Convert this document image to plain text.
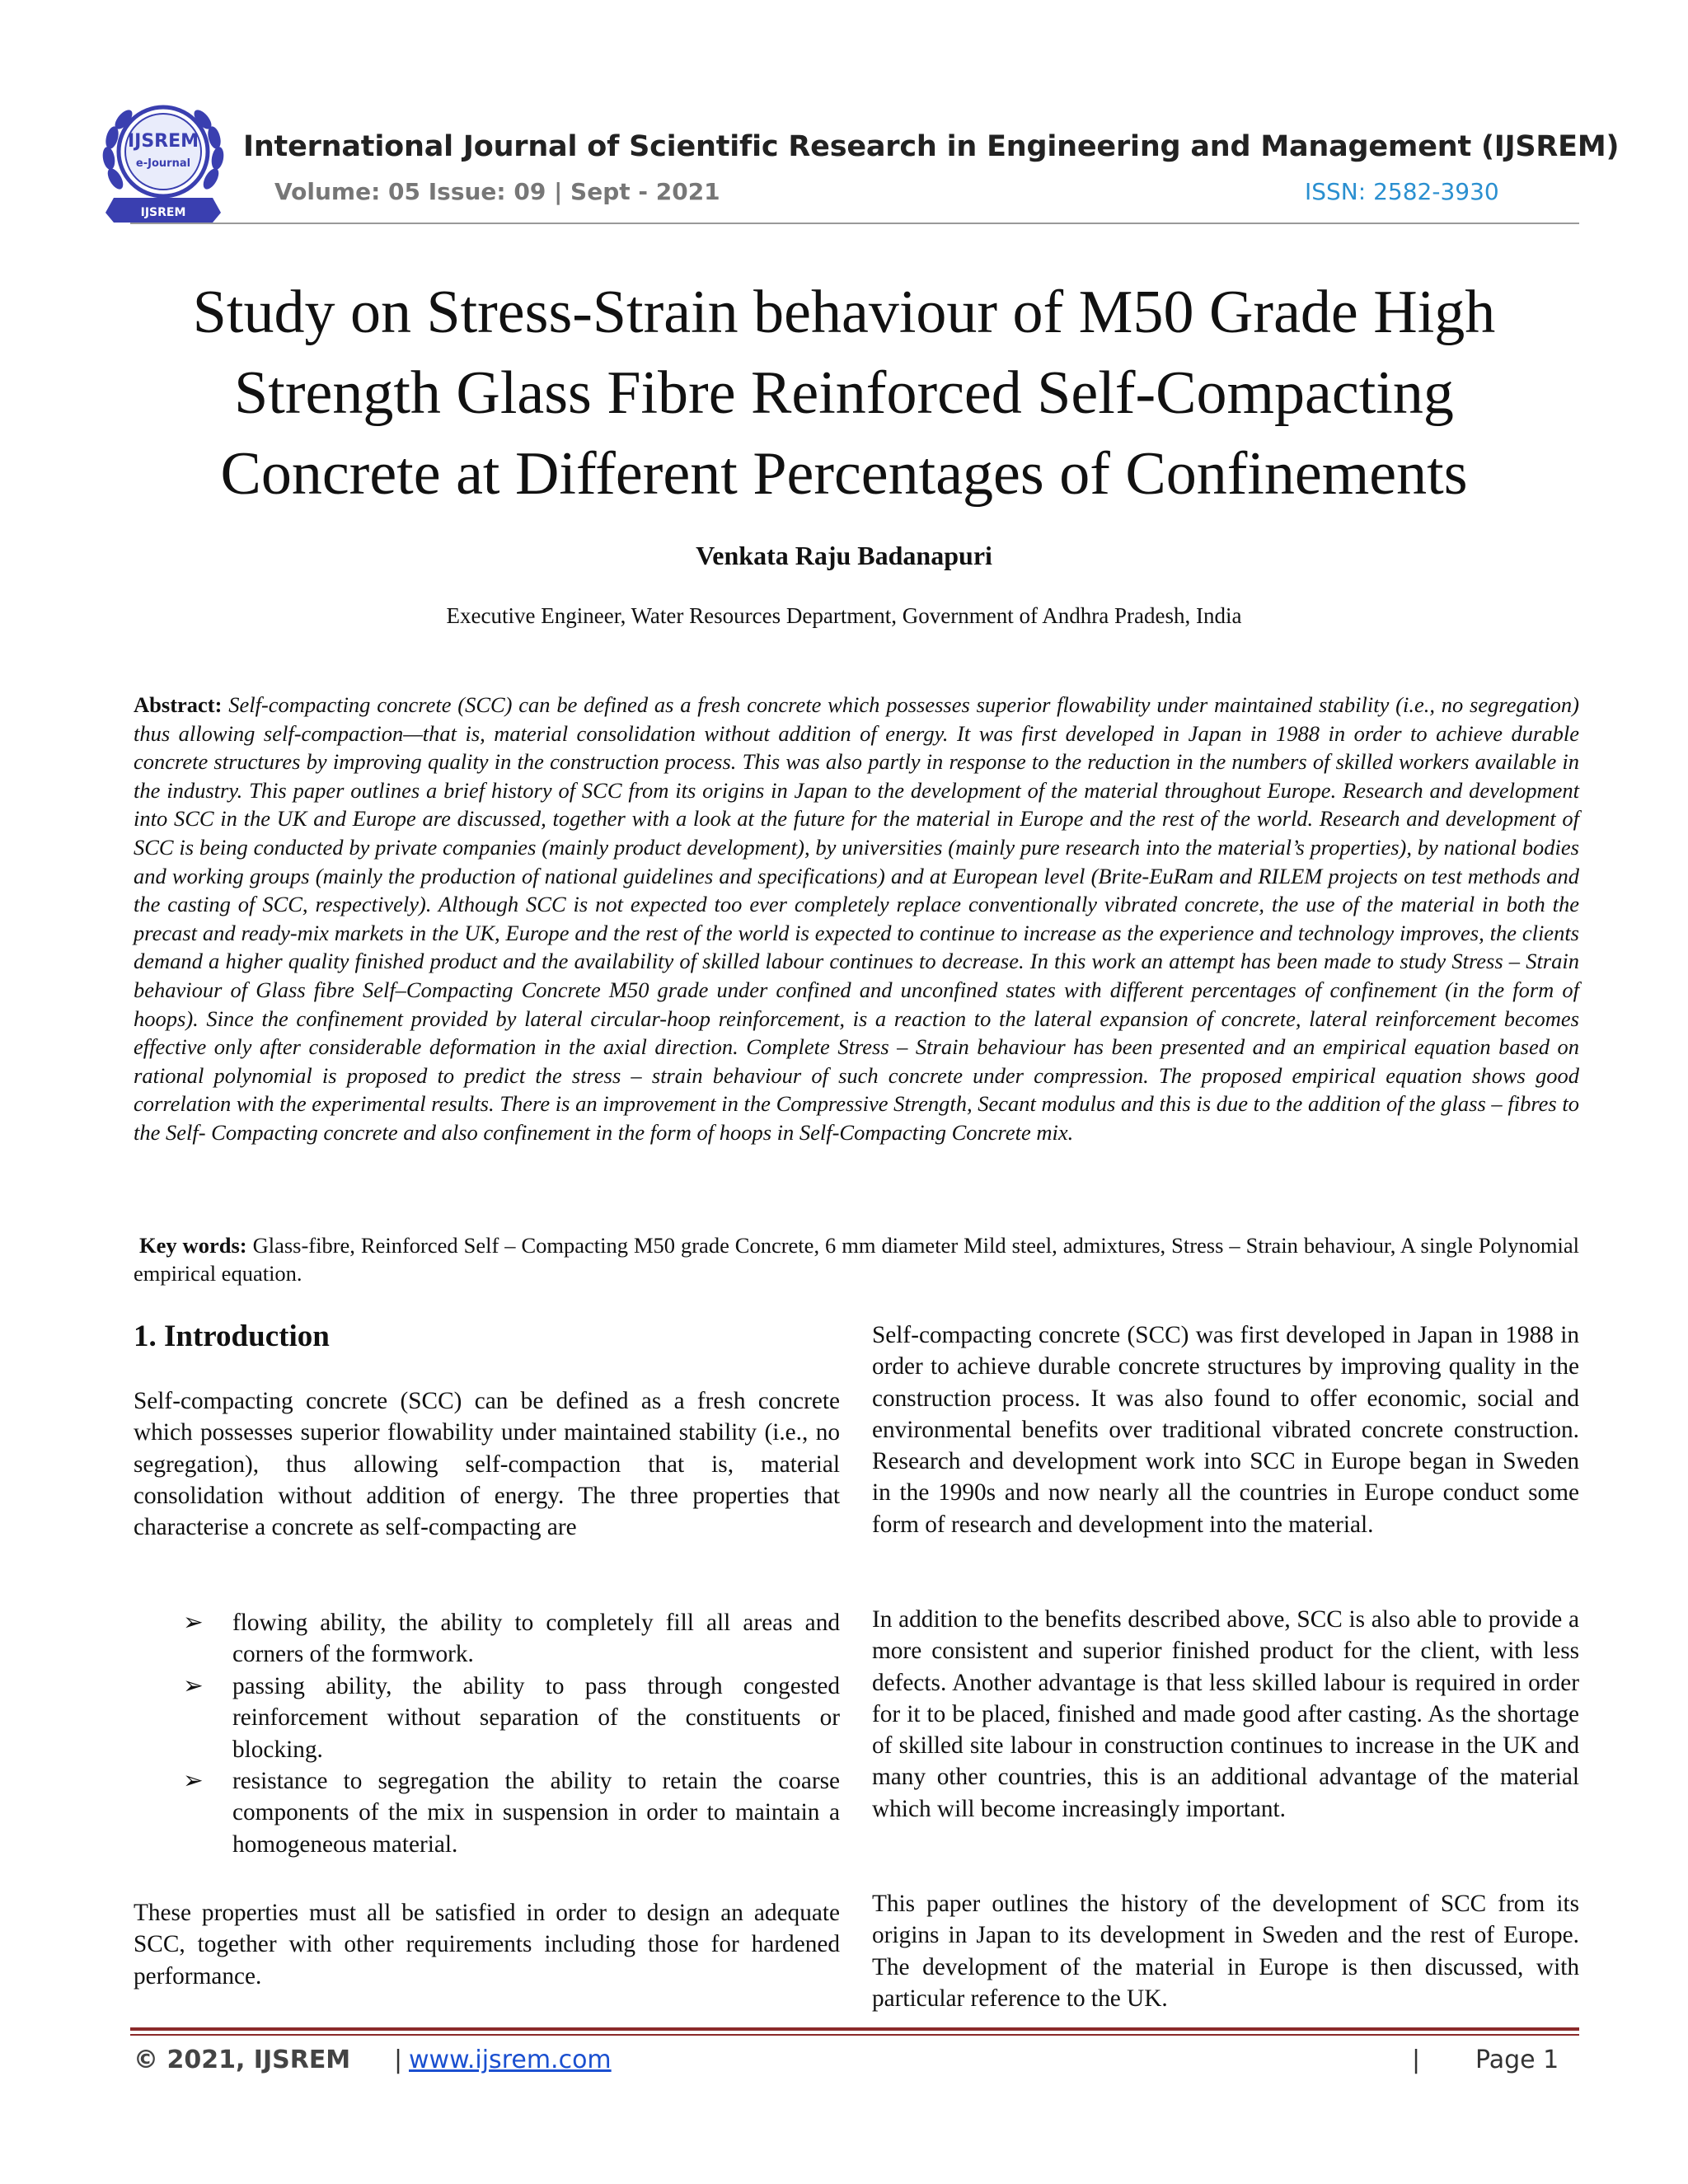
IJSREM
e-Journal
IJSREM
International Journal of Scientific Research in Engineering and Management (IJSREM)
Volume: 05 Issue: 09 | Sept - 2021	ISSN: 2582-3930
Study on Stress-Strain behaviour of M50 Grade High
Strength Glass Fibre Reinforced Self-Compacting
Concrete at Different Percentages of Confinements
Venkata Raju Badanapuri
Executive Engineer, Water Resources Department, Government of Andhra Pradesh, India
Abstract: Self-compacting concrete (SCC) can be defined as a fresh concrete which possesses superior flowability under maintained stability (i.e., no segregation) thus allowing self-compaction—that is, material consolidation without addition of energy. It was first developed in Japan in 1988 in order to achieve durable concrete structures by improving quality in the construction process. This was also partly in response to the reduction in the numbers of skilled workers available in the industry. This paper outlines a brief history of SCC from its origins in Japan to the development of the material throughout Europe. Research and development into SCC in the UK and Europe are discussed, together with a look at the future for the material in Europe and the rest of the world. Research and development of SCC is being conducted by private companies (mainly product development), by universities (mainly pure research into the material’s properties), by national bodies and working groups (mainly the production of national guidelines and specifications) and at European level (Brite-EuRam and RILEM projects on test methods and the casting of SCC, respectively). Although SCC is not expected too ever completely replace conventionally vibrated concrete, the use of the material in both the precast and ready-mix markets in the UK, Europe and the rest of the world is expected to continue to increase as the experience and technology improves, the clients demand a higher quality finished product and the availability of skilled labour continues to decrease. In this work an attempt has been made to study Stress – Strain behaviour of Glass fibre Self–Compacting Concrete M50 grade under confined and unconfined states with different percentages of confinement (in the form of hoops). Since the confinement provided by lateral circular-hoop reinforcement, is a reaction to the lateral expansion of concrete, lateral reinforcement becomes effective only after considerable deformation in the axial direction. Complete Stress – Strain behaviour has been presented and an empirical equation based on rational polynomial is proposed to predict the stress – strain behaviour of such concrete under compression. The proposed empirical equation shows good correlation with the experimental results. There is an improvement in the Compressive Strength, Secant modulus and this is due to the addition of the glass – fibres to the Self- Compacting concrete and also confinement in the form of hoops in Self-Compacting Concrete mix.
Key words: Glass-fibre, Reinforced Self – Compacting M50 grade Concrete, 6 mm diameter Mild steel, admixtures, Stress – Strain behaviour, A single Polynomial empirical equation.
1. Introduction
Self-compacting concrete (SCC) can be defined as a fresh concrete which possesses superior flowability under maintained stability (i.e., no segregation), thus allowing self-compaction that is, material consolidation without addition of energy. The three properties that characterise a concrete as self-compacting are
➢	flowing ability, the ability to completely fill all areas and corners of the formwork.
➢	passing ability, the ability to pass through congested reinforcement without separation of the constituents or blocking.
➢	resistance to segregation the ability to retain the coarse components of the mix in suspension in order to maintain a homogeneous material.
These properties must all be satisfied in order to design an adequate SCC, together with other requirements including those for hardened performance.
Self-compacting concrete (SCC) was first developed in Japan in 1988 in order to achieve durable concrete structures by improving quality in the construction process. It was also found to offer economic, social and environmental benefits over traditional vibrated concrete construction. Research and development work into SCC in Europe began in Sweden in the 1990s and now nearly all the countries in Europe conduct some form of research and development into the material.
In addition to the benefits described above, SCC is also able to provide a more consistent and superior finished product for the client, with less defects. Another advantage is that less skilled labour is required in order for it to be placed, finished and made good after casting. As the shortage of skilled site labour in construction continues to increase in the UK and many other countries, this is an additional advantage of the material which will become increasingly important.
This paper outlines the history of the development of SCC from its origins in Japan to its development in Sweden and the rest of Europe. The development of the material in Europe is then discussed, with particular reference to the UK.
© 2021, IJSREM | www.ijsrem.com	| Page 1
